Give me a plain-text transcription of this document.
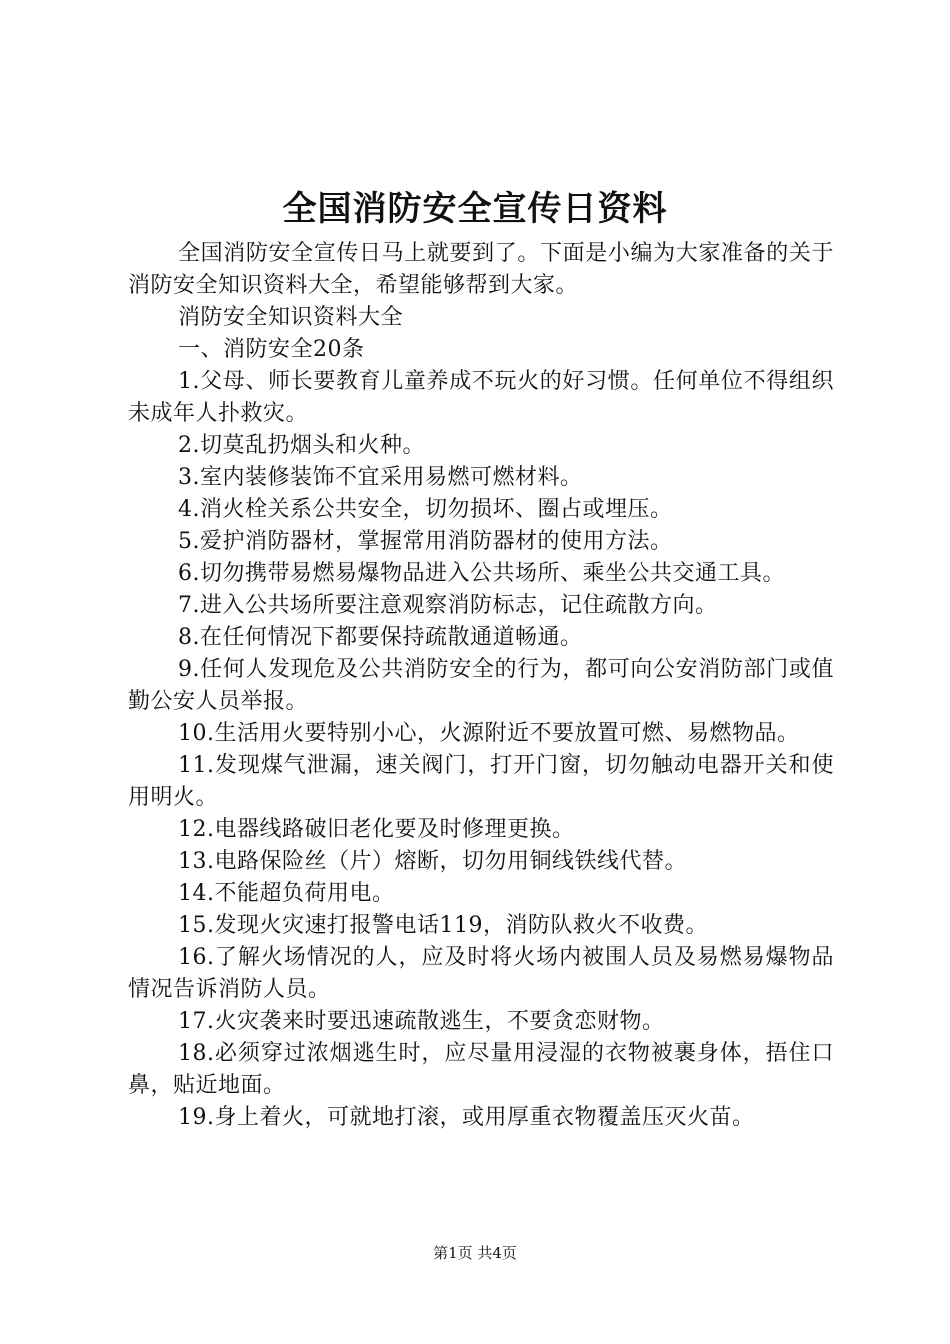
全国消防安全宣传日资料

全国消防安全宣传日马上就要到了。下面是小编为大家准备的关于消防安全知识资料大全，希望能够帮到大家。

消防安全知识资料大全

一、消防安全20条

1.父母、师长要教育儿童养成不玩火的好习惯。任何单位不得组织未成年人扑救灾。

2.切莫乱扔烟头和火种。

3.室内装修装饰不宜采用易燃可燃材料。

4.消火栓关系公共安全，切勿损坏、圈占或埋压。

5.爱护消防器材，掌握常用消防器材的使用方法。

6.切勿携带易燃易爆物品进入公共场所、乘坐公共交通工具。

7.进入公共场所要注意观察消防标志，记住疏散方向。

8.在任何情况下都要保持疏散通道畅通。

9.任何人发现危及公共消防安全的行为，都可向公安消防部门或值勤公安人员举报。

10.生活用火要特别小心，火源附近不要放置可燃、易燃物品。

11.发现煤气泄漏，速关阀门，打开门窗，切勿触动电器开关和使用明火。

12.电器线路破旧老化要及时修理更换。

13.电路保险丝（片）熔断，切勿用铜线铁线代替。

14.不能超负荷用电。

15.发现火灾速打报警电话119，消防队救火不收费。

16.了解火场情况的人，应及时将火场内被围人员及易燃易爆物品情况告诉消防人员。

17.火灾袭来时要迅速疏散逃生，不要贪恋财物。

18.必须穿过浓烟逃生时，应尽量用浸湿的衣物被裹身体，捂住口鼻，贴近地面。

19.身上着火，可就地打滚，或用厚重衣物覆盖压灭火苗。

第1页 共4页
